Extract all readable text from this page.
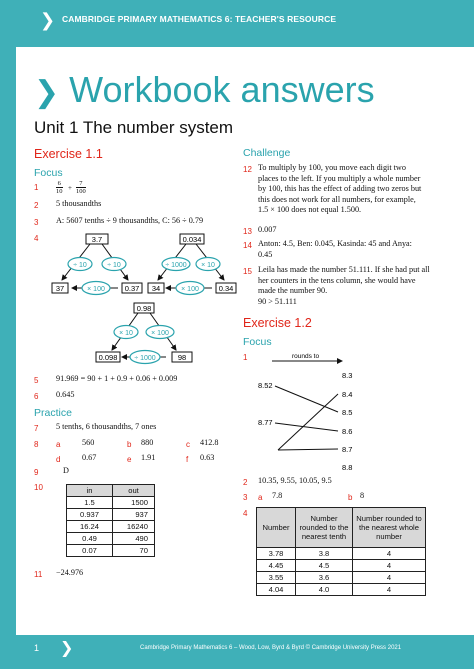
❯ CAMBRIDGE PRIMARY MATHEMATICS 6: TEACHER'S RESOURCE
❯ Workbook answers
Unit 1 The number system
Exercise 1.1
Focus
1	6
10 +
7
100
2 5 thousandths
3 A: 5607 tenths ÷ 9 thousandths, C: 56 ÷ 0.79
4	3.7
÷ 10	÷ 10
× 100
37	0.37
0.034
÷ 1000 × 10
× 100
34	0.34
0.98
× 10	× 100
÷ 1000
0.098	98	rounds to
8.52
8.77
8.3
8.4
8.5
8.6
8.7
8.8
5 91.969 = 90 + 1 + 0.9 + 0.06 + 0.009
6 0.645
Practice
7 5 tenths, 6 thousandths, 7 ones
8 a	560	b 880	c 412.8
d	0.67	e 1.91	f 0.63
9	D
10	in	out
1.5	1500
0.937	937
16.24	16240
0.49	490
0.07	70
11 −24.976
Challenge
12 To multiply by 100, you move each digit two places to the left. If you multiply a whole number by 100, this has the effect of adding two zeros but this does not work for all numbers, for example, 1.5 × 100 does not equal 1.500.
13 0.007
14 Anton: 4.5, Ben: 0.045, Kasinda: 45 and Anya: 0.45
15 Leila has made the number 51.111. If she had put all her counters in the tens column, she would have made the number 90.
90 > 51.111
Exercise 1.2
Focus
1
2 10.35, 9.55, 10.05, 9.5
3 a 7.8	b 8
4
Number	Number rounded to the nearest tenth	Number rounded to the nearest whole number
3.78	3.8	4
4.45	4.5	4
3.55	3.6	4
4.04	4.0	4
1 ❯	Cambridge Primary Mathematics 6 – Wood, Low, Byrd & Byrd © Cambridge University Press 2021
